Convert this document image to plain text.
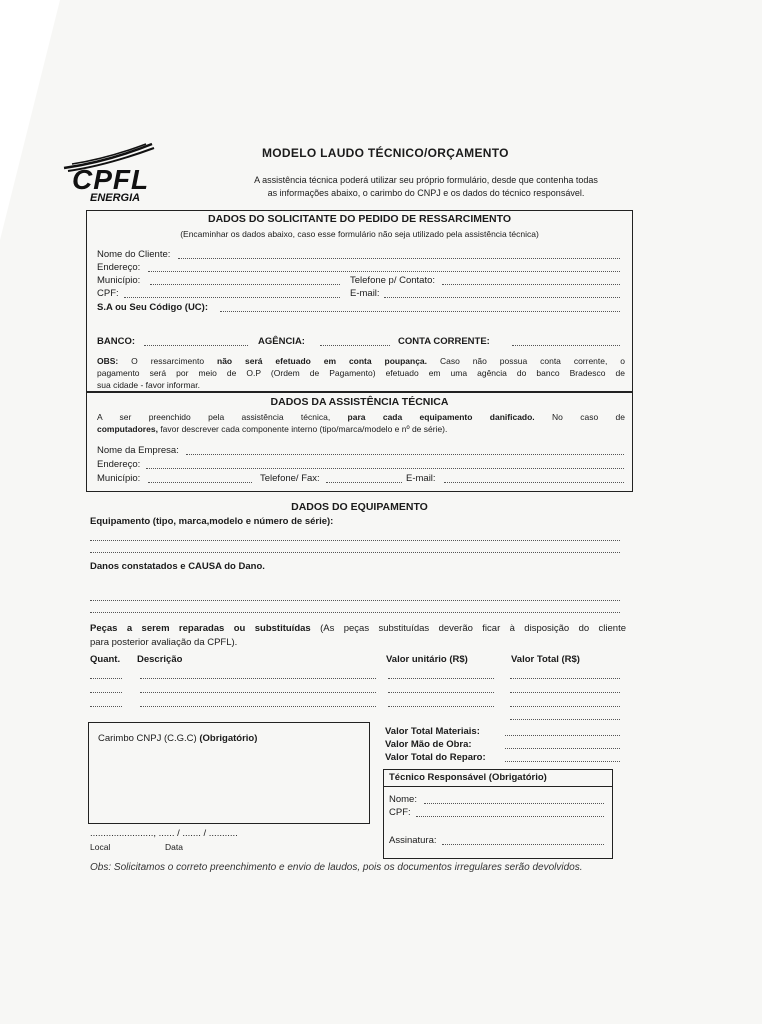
CPFL
ENERGIA
MODELO LAUDO TÉCNICO/ORÇAMENTO
A assistência técnica poderá utilizar seu próprio formulário, desde que contenha todas
as informações abaixo, o carimbo do CNPJ e os dados do técnico responsável.
DADOS DO SOLICITANTE DO PEDIDO DE RESSARCIMENTO
(Encaminhar os dados abaixo, caso esse formulário não seja utilizado pela assistência técnica)
Nome do Cliente:
Endereço:
Município:	Telefone p/ Contato:
CPF:	E-mail:
S.A ou Seu Código (UC):
BANCO:	AGÊNCIA:	CONTA CORRENTE:
OBS: O ressarcimento não será efetuado em conta poupança. Caso não possua conta corrente, o
pagamento será por meio de O.P (Ordem de Pagamento) efetuado em uma agência do banco Bradesco de
sua cidade - favor informar.
DADOS DA ASSISTÊNCIA TÉCNICA
A ser preenchido pela assistência técnica, para cada equipamento danificado. No caso de
computadores, favor descrever cada componente interno (tipo/marca/modelo e nº de série).
Nome da Empresa:
Endereço:
Município:	Telefone/ Fax:	E-mail:
DADOS DO EQUIPAMENTO
Equipamento (tipo, marca,modelo e número de série):
Danos constatados e CAUSA do Dano.
Peças a serem reparadas ou substituídas (As peças substituídas deverão ficar à disposição do cliente
para posterior avaliação da CPFL).
Quant. Descrição	Valor unitário (R$)	Valor Total (R$)
Carimbo CNPJ (C.G.C) (Obrigatório)
Valor Total Materiais:
Valor Mão de Obra:
Valor Total do Reparo:
Técnico Responsável (Obrigatório)
Nome:
CPF:
Assinatura:
........................, ...... / ....... / ...........
Local	Data
Obs: Solicitamos o correto preenchimento e envio de laudos, pois os documentos irregulares serão devolvidos.
